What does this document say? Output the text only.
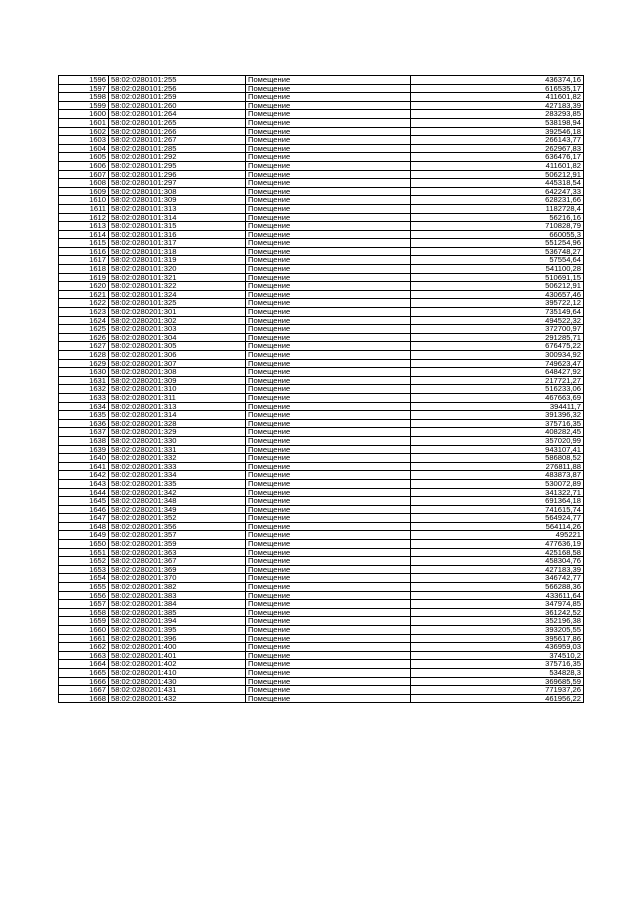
1596	58:02:0280101:255	Помещение	436374,16
1597	58:02:0280101:256	Помещение	616535,17
1598	58:02:0280101:259	Помещение	411601,82
1599	58:02:0280101:260	Помещение	427183,39
1600	58:02:0280101:264	Помещение	283293,85
1601	58:02:0280101:265	Помещение	538198,94
1602	58:02:0280101:266	Помещение	392546,18
1603	58:02:0280101:267	Помещение	266143,77
1604	58:02:0280101:285	Помещение	262967,83
1605	58:02:0280101:292	Помещение	636476,17
1606	58:02:0280101:295	Помещение	411601,82
1607	58:02:0280101:296	Помещение	506212,91
1608	58:02:0280101:297	Помещение	445318,54
1609	58:02:0280101:308	Помещение	642247,33
1610	58:02:0280101:309	Помещение	628231,66
1611	58:02:0280101:313	Помещение	1182728,4
1612	58:02:0280101:314	Помещение	56216,16
1613	58:02:0280101:315	Помещение	710828,79
1614	58:02:0280101:316	Помещение	660055,3
1615	58:02:0280101:317	Помещение	551254,96
1616	58:02:0280101:318	Помещение	536748,27
1617	58:02:0280101:319	Помещение	57554,64
1618	58:02:0280101:320	Помещение	541100,28
1619	58:02:0280101:321	Помещение	510691,15
1620	58:02:0280101:322	Помещение	506212,91
1621	58:02:0280101:324	Помещение	430657,46
1622	58:02:0280101:325	Помещение	395722,12
1623	58:02:0280201:301	Помещение	735149,64
1624	58:02:0280201:302	Помещение	494522,32
1625	58:02:0280201:303	Помещение	372700,97
1626	58:02:0280201:304	Помещение	291285,71
1627	58:02:0280201:305	Помещение	676475,22
1628	58:02:0280201:306	Помещение	300934,92
1629	58:02:0280201:307	Помещение	749623,47
1630	58:02:0280201:308	Помещение	648427,92
1631	58:02:0280201:309	Помещение	217721,27
1632	58:02:0280201:310	Помещение	516233,06
1633	58:02:0280201:311	Помещение	467663,69
1634	58:02:0280201:313	Помещение	394411,7
1635	58:02:0280201:314	Помещение	391396,32
1636	58:02:0280201:328	Помещение	375716,35
1637	58:02:0280201:329	Помещение	408282,45
1638	58:02:0280201:330	Помещение	357020,99
1639	58:02:0280201:331	Помещение	943107,41
1640	58:02:0280201:332	Помещение	586808,52
1641	58:02:0280201:333	Помещение	276811,88
1642	58:02:0280201:334	Помещение	483873,87
1643	58:02:0280201:335	Помещение	530072,89
1644	58:02:0280201:342	Помещение	341322,71
1645	58:02:0280201:348	Помещение	691364,18
1646	58:02:0280201:349	Помещение	741615,74
1647	58:02:0280201:352	Помещение	564924,77
1648	58:02:0280201:356	Помещение	564114,26
1649	58:02:0280201:357	Помещение	495221
1650	58:02:0280201:359	Помещение	477636,19
1651	58:02:0280201:363	Помещение	425168,58
1652	58:02:0280201:367	Помещение	458304,76
1653	58:02:0280201:369	Помещение	427183,39
1654	58:02:0280201:370	Помещение	346742,77
1655	58:02:0280201:382	Помещение	566288,36
1656	58:02:0280201:383	Помещение	433611,64
1657	58:02:0280201:384	Помещение	347974,85
1658	58:02:0280201:385	Помещение	361242,52
1659	58:02:0280201:394	Помещение	352196,38
1660	58:02:0280201:395	Помещение	393205,55
1661	58:02:0280201:396	Помещение	395617,86
1662	58:02:0280201:400	Помещение	436959,03
1663	58:02:0280201:401	Помещение	374510,2
1664	58:02:0280201:402	Помещение	375716,35
1665	58:02:0280201:410	Помещение	534828,3
1666	58:02:0280201:430	Помещение	369685,59
1667	58:02:0280201:431	Помещение	771937,26
1668	58:02:0280201:432	Помещение	461956,22
